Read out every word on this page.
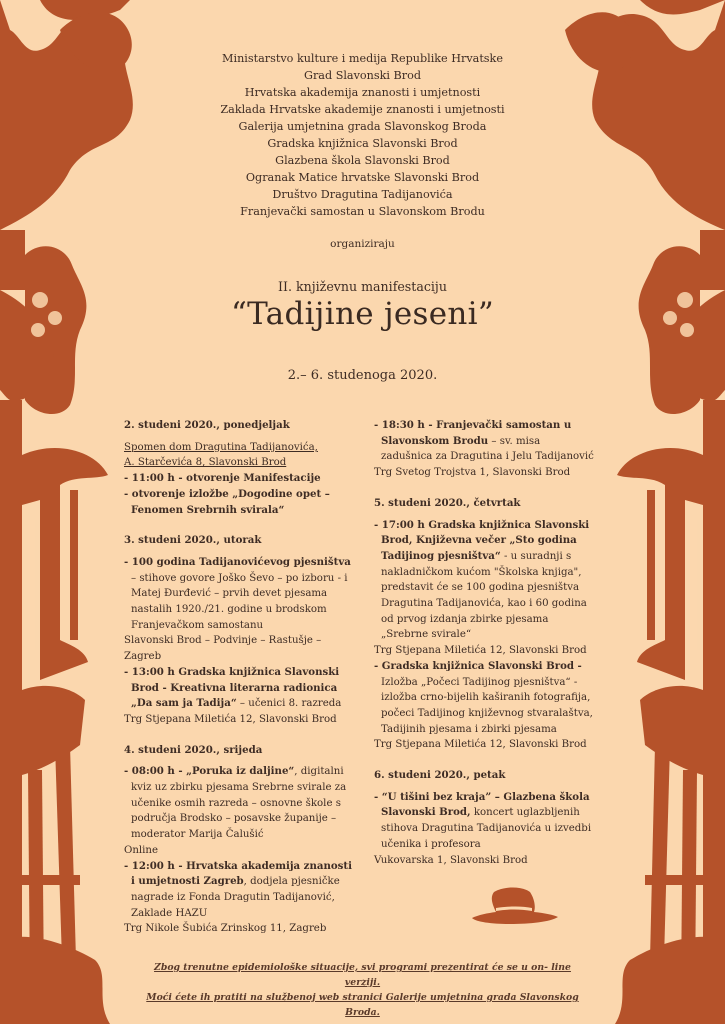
Ministarstvo kulture i medija Republike Hrvatske
Grad Slavonski Brod
Hrvatska akademija znanosti i umjetnosti
Zaklada Hrvatske akademije znanosti i umjetnosti
Galerija umjetnina grada Slavonskog Broda
Gradska knjižnica Slavonski Brod
Glazbena škola Slavonski Brod
Ogranak Matice hrvatske Slavonski Brod
Društvo Dragutina Tadijanovića
Franjevački samostan u Slavonskom Brodu
organiziraju
II. književnu manifestaciju
“Tadijine jeseni”
2.– 6. studenoga 2020.
2. studeni 2020., ponedjeljak
Spomen dom Dragutina Tadijanovića,
A. Starčevića 8, Slavonski Brod
- 11:00 h - otvorenje Manifestacije
- otvorenje izložbe „Dogodine opet – Fenomen Srebrnih svirala“
3. studeni 2020., utorak
- 100 godina Tadijanovićevog pjesništva – stihove govore Joško Ševo – po izboru - i Matej Đurđević – prvih devet pjesama nastalih 1920./21. godine u brodskom Franjevačkom samostanu
Slavonski Brod – Podvinje – Rastušje – Zagreb
- 13:00 h Gradska knjižnica Slavonski Brod - Kreativna literarna radionica „Da sam ja Tadija“ – učenici 8. razreda
Trg Stjepana Miletića 12, Slavonski Brod
4. studeni 2020., srijeda
- 08:00 h - „Poruka iz daljine“, digitalni kviz uz zbirku pjesama Srebrne svirale za učenike osmih razreda – osnovne škole s područja Brodsko – posavske županije – moderator Marija Čalušić
Online
- 12:00 h - Hrvatska akademija znanosti i umjetnosti Zagreb, dodjela pjesničke nagrade iz Fonda Dragutin Tadijanović, Zaklade HAZU
Trg Nikole Šubića Zrinskog 11, Zagreb
- 18:30 h - Franjevački samostan u Slavonskom Brodu – sv. misa zadušnica za Dragutina i Jelu Tadijanović
Trg Svetog Trojstva 1, Slavonski Brod
5. studeni 2020., četvrtak
- 17:00 h Gradska knjižnica Slavonski Brod, Književna večer „Sto godina Tadijinog pjesništva“ - u suradnji s nakladničkom kućom "Školska knjiga", predstavit će se 100 godina pjesništva Dragutina Tadijanovića, kao i 60 godina od prvog izdanja zbirke pjesama „Srebrne svirale“
Trg Stjepana Miletića 12, Slavonski Brod
- Gradska knjižnica Slavonski Brod - Izložba „Počeci Tadijinog pjesništva“ - izložba crno-bijelih kaširanih fotografija, počeci Tadijinog književnog stvaralaštva, Tadijinih pjesama i zbirki pjesama
Trg Stjepana Miletića 12, Slavonski Brod
6. studeni 2020., petak
- “U tišini bez kraja” – Glazbena škola Slavonski Brod, koncert uglazbljenih stihova Dragutina Tadijanovića u izvedbi učenika i profesora
Vukovarska 1, Slavonski Brod
Zbog trenutne epidemiološke situacije, svi programi prezentirat će se u on- line verziji.
Moći ćete ih pratiti na službenoj web stranici Galerije umjetnina grada Slavonskog Broda.
